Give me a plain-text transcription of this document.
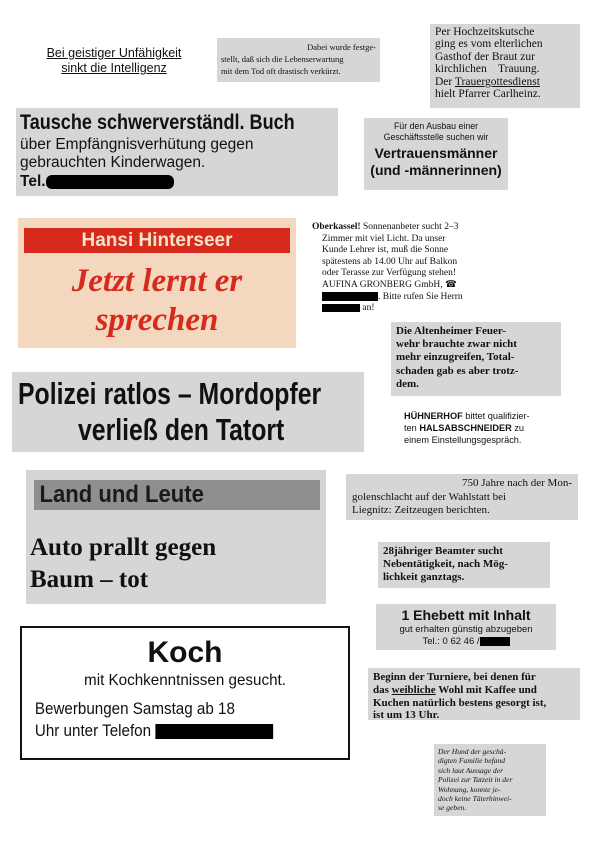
Bei geistiger Unfähigkeit
sinkt die Intelligenz
Dabei wurde festge-
stellt, daß sich die Lebenserwartung
mit dem Tod oft drastisch verkürzt.
Per Hochzeitskutsche
ging es vom elterlichen
Gasthof der Braut zur
kirchlichen    Trauung.
Der Trauergottesdienst
hielt Pfarrer Carlheinz.
Tausche schwerverständl. Buch
über Empfängnisverhütung gegen
gebrauchten Kinderwagen.
Tel.
Für den Ausbau einer
Geschäftsstelle suchen wir
Vertrauensmänner
(und -männerinnen)
Hansi Hinterseer
Jetzt lernt er
sprechen
Oberkassel! Sonnenanbeter sucht 2–3
Zimmer mit viel Licht. Da unser
Kunde Lehrer ist, muß die Sonne
spätestens ab 14.00 Uhr auf Balkon
oder Terasse zur Verfügung stehen!
AUFINA GRONBERG GmbH, ☎
. Bitte rufen Sie Herrn
an!
Die Altenheimer Feuer-
wehr brauchte zwar nicht
mehr einzugreifen, Total-
schaden gab es aber trotz-
dem.
Polizei ratlos – Mordopfer
verließ den Tatort	HÜHNERHOF bittet qualifizier-
ten HALSABSCHNEIDER zu
einem Einstellungsgespräch.
Land und Leute
Auto prallt gegen
Baum – tot
750 Jahre nach der Mon-
golenschlacht auf der Wahlstatt bei
Liegnitz: Zeitzeugen berichten.
28jähriger Beamter sucht
Nebentätigkeit, nach Mög-
lichkeit ganztags.
1 Ehebett mit Inhalt
gut erhalten günstig abzugeben
Tel.: 0 62 46 /
Koch
mit Kochkenntnissen gesucht.
Bewerbungen Samstag ab 18
Uhr unter Telefon
Beginn der Turniere, bei denen für
das weibliche Wohl mit Kaffee und
Kuchen natürlich bestens gesorgt ist,
ist um 13 Uhr.
Der Hund der geschä-
digten Familie befand
sich laut Aussage der
Polizei zur Tatzeit in der
Wohnung, konnte je-
doch keine Täterhinwei-
se geben.
